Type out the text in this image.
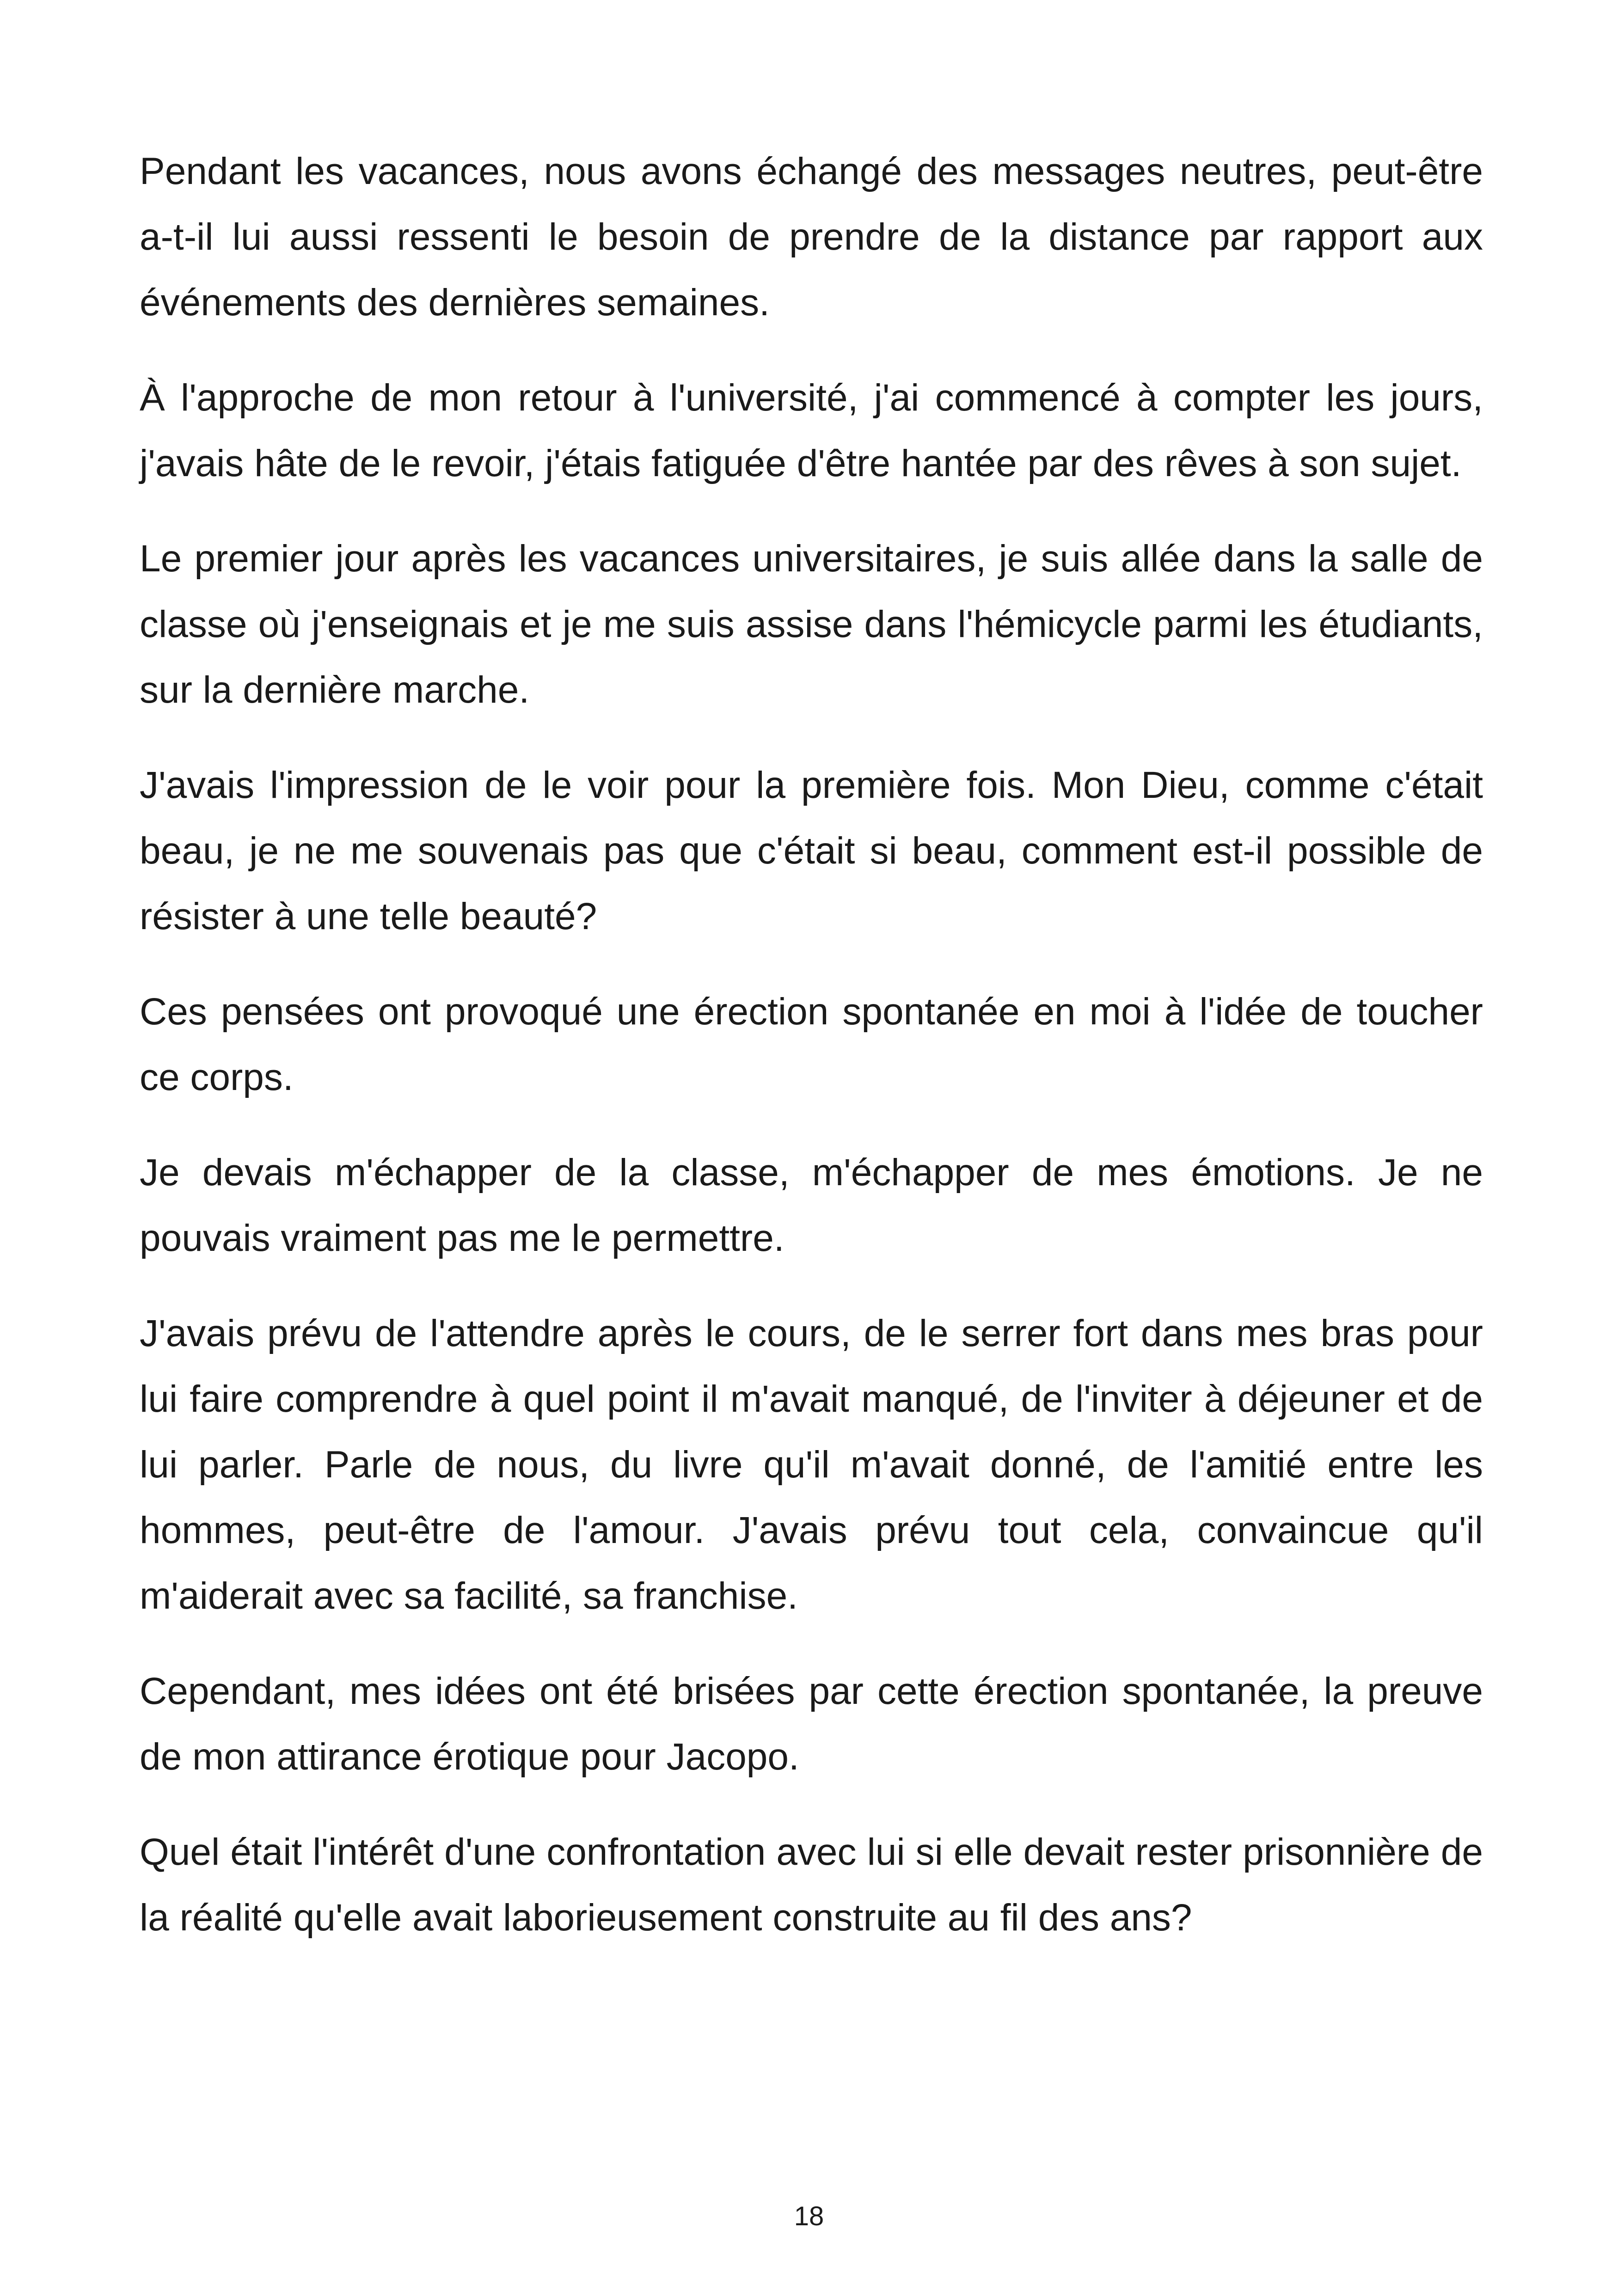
Pendant les vacances, nous avons échangé des messages neutres, peut-être a-t-il lui aussi ressenti le besoin de prendre de la distance par rapport aux événements des dernières semaines.

À l'approche de mon retour à l'université, j'ai commencé à compter les jours, j'avais hâte de le revoir, j'étais fatiguée d'être hantée par des rêves à son sujet.

Le premier jour après les vacances universitaires, je suis allée dans la salle de classe où j'enseignais et je me suis assise dans l'hémicycle parmi les étudiants, sur la dernière marche.

J'avais l'impression de le voir pour la première fois. Mon Dieu, comme c'était beau, je ne me souvenais pas que c'était si beau, comment est-il possible de résister à une telle beauté?

Ces pensées ont provoqué une érection spontanée en moi à l'idée de toucher ce corps.

Je devais m'échapper de la classe, m'échapper de mes émotions. Je ne pouvais vraiment pas me le permettre.

J'avais prévu de l'attendre après le cours, de le serrer fort dans mes bras pour lui faire comprendre à quel point il m'avait manqué, de l'inviter à déjeuner et de lui parler. Parle de nous, du livre qu'il m'avait donné, de l'amitié entre les hommes, peut-être de l'amour. J'avais prévu tout cela, convaincue qu'il m'aiderait avec sa facilité, sa franchise.

Cependant, mes idées ont été brisées par cette érection spontanée, la preuve de mon attirance érotique pour Jacopo.

Quel était l'intérêt d'une confrontation avec lui si elle devait rester prisonnière de la réalité qu'elle avait laborieusement construite au fil des ans?

18
